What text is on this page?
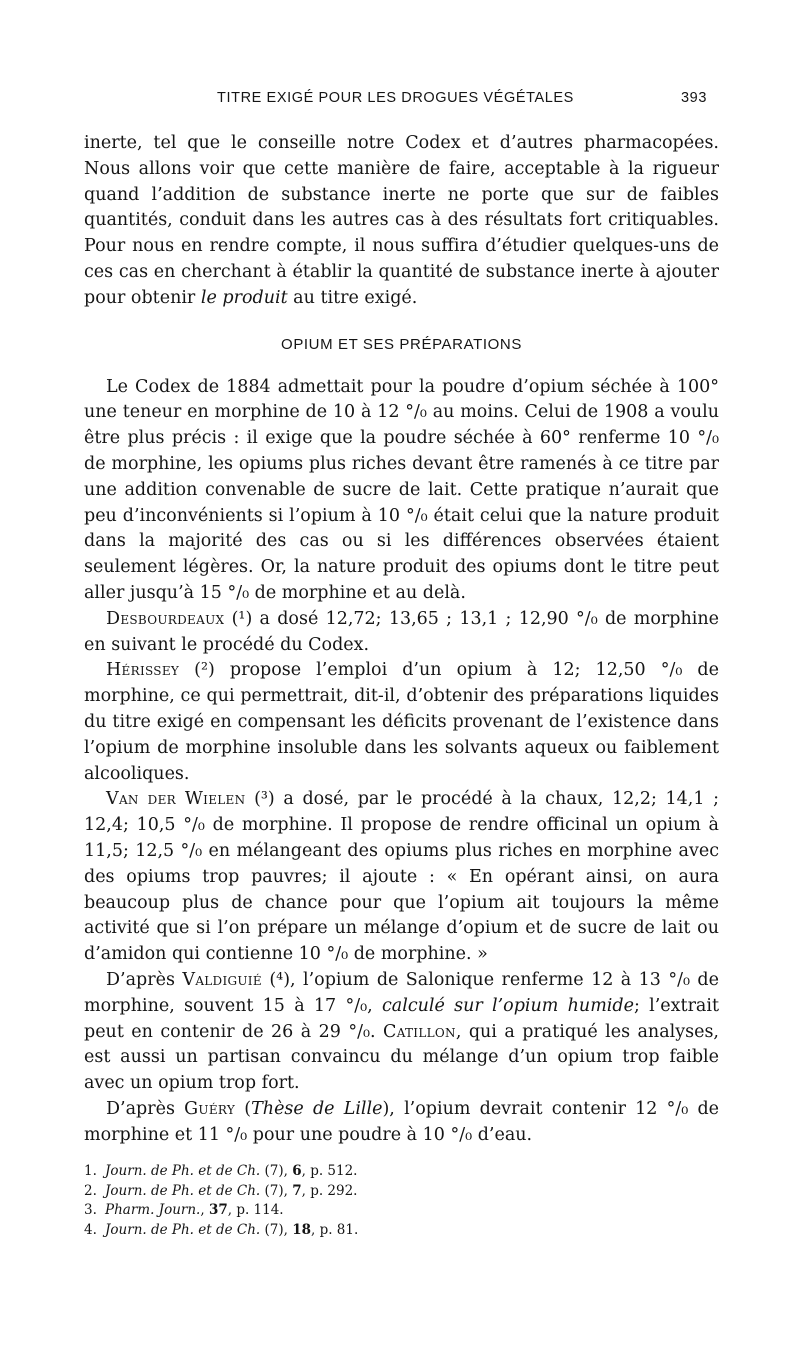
TITRE EXIGÉ POUR LES DROGUES VÉGÉTALES	393

inerte, tel que le conseille notre Codex et d’autres pharmacopées. Nous allons voir que cette manière de faire, acceptable à la rigueur quand l’addition de substance inerte ne porte que sur de faibles quantités, conduit dans les autres cas à des résultats fort critiquables. Pour nous en rendre compte, il nous suffira d’étudier quelques-uns de ces cas en cherchant à établir la quantité de substance inerte à ajouter pour obtenir le produit au titre exigé.

OPIUM ET SES PRÉPARATIONS

Le Codex de 1884 admettait pour la poudre d’opium séchée à 100° une teneur en morphine de 10 à 12 °/₀ au moins. Celui de 1908 a voulu être plus précis : il exige que la poudre séchée à 60° renferme 10 °/₀ de morphine, les opiums plus riches devant être ramenés à ce titre par une addition convenable de sucre de lait. Cette pratique n’aurait que peu d’inconvénients si l’opium à 10 °/₀ était celui que la nature produit dans la majorité des cas ou si les différences observées étaient seulement légères. Or, la nature produit des opiums dont le titre peut aller jusqu’à 15 °/₀ de morphine et au delà.

Desbourdeaux (¹) a dosé 12,72; 13,65 ; 13,1 ; 12,90 °/₀ de morphine en suivant le procédé du Codex.

Hérissey (²) propose l’emploi d’un opium à 12; 12,50 °/₀ de morphine, ce qui permettrait, dit-il, d’obtenir des préparations liquides du titre exigé en compensant les déficits provenant de l’existence dans l’opium de morphine insoluble dans les solvants aqueux ou faiblement alcooliques.

Van der Wielen (³) a dosé, par le procédé à la chaux, 12,2; 14,1 ; 12,4; 10,5 °/₀ de morphine. Il propose de rendre officinal un opium à 11,5; 12,5 °/₀ en mélangeant des opiums plus riches en morphine avec des opiums trop pauvres; il ajoute : « En opérant ainsi, on aura beaucoup plus de chance pour que l’opium ait toujours la même activité que si l’on prépare un mélange d’opium et de sucre de lait ou d’amidon qui contienne 10 °/₀ de morphine. »

D’après Valdiguié (⁴), l’opium de Salonique renferme 12 à 13 °/₀ de morphine, souvent 15 à 17 °/₀, calculé sur l’opium humide; l’extrait peut en contenir de 26 à 29 °/₀. Catillon, qui a pratiqué les analyses, est aussi un partisan convaincu du mélange d’un opium trop faible avec un opium trop fort.

D’après Guéry (Thèse de Lille), l’opium devrait contenir 12 °/₀ de morphine et 11 °/₀ pour une poudre à 10 °/₀ d’eau.

1. Journ. de Ph. et de Ch. (7), 6, p. 512.
2. Journ. de Ph. et de Ch. (7), 7, p. 292.
3. Pharm. Journ., 37, p. 114.
4. Journ. de Ph. et de Ch. (7), 18, p. 81.
